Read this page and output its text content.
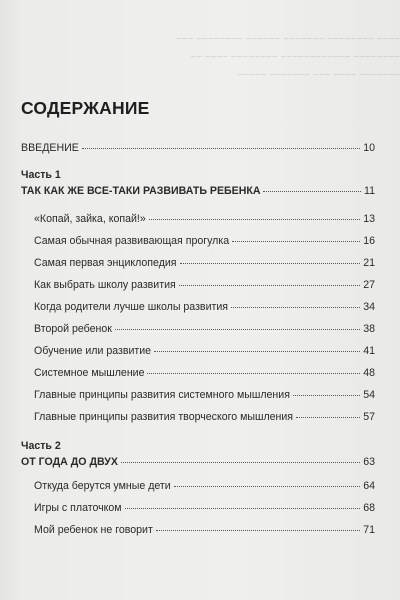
~~~~ ~~~~~~~~ ~~~~~~~ ~~~~~~ ~~~~~~~~ ~~~
~~~~~~~~ ~~~~~~~~~~~~ ~~~~~~~~ ~~~~ ~~
~~~~~~~ ~~~~ ~~~ ~~~~~~~ ~~~~~
СОДЕРЖАНИЕ
ВВЕДЕНИЕ	10
Часть 1
ТАК КАК ЖЕ ВСЕ-ТАКИ РАЗВИВАТЬ РЕБЕНКА	11
«Копай, зайка, копай!»	13
Самая обычная развивающая прогулка	16
Самая первая энциклопедия	21
Как выбрать школу развития	27
Когда родители лучше школы развития	34
Второй ребенок	38
Обучение или развитие	41
Системное мышление	48
Главные принципы развития системного мышления	54
Главные принципы развития творческого мышления	57
Часть 2
ОТ ГОДА ДО ДВУХ	63
Откуда берутся умные дети	64
Игры с платочком	68
Мой ребенок не говорит	71
